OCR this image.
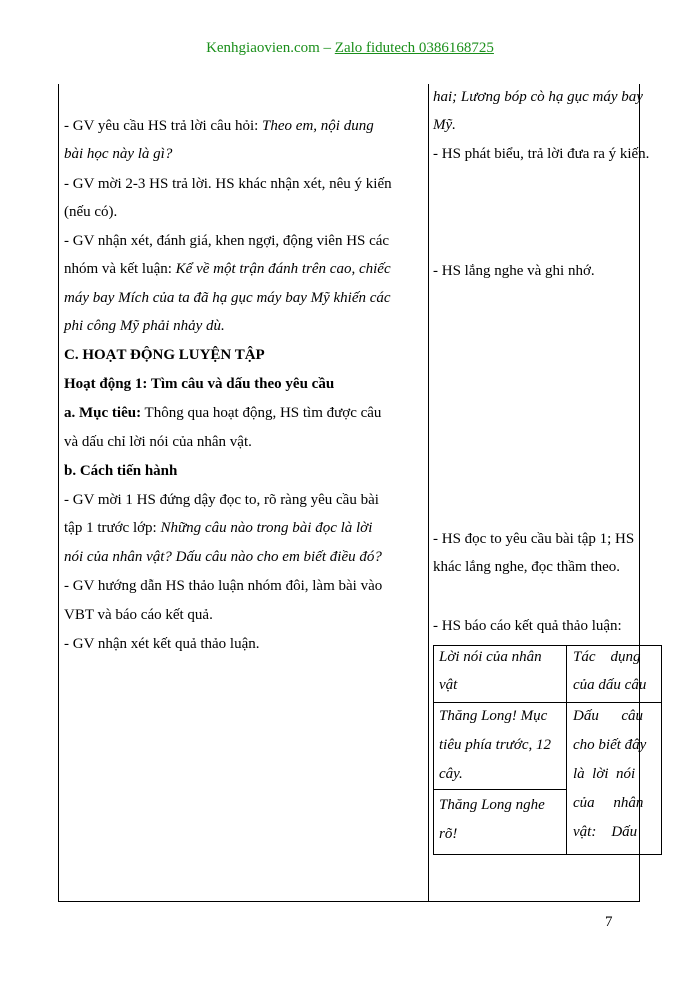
Kenhgiaovien.com – Zalo fidutech 0386168725
- GV yêu cầu HS trả lời câu hỏi: Theo em, nội dung
bài học này là gì?
- GV mời 2-3 HS trả lời. HS khác nhận xét, nêu ý kiến
(nếu có).
- GV nhận xét, đánh giá, khen ngợi, động viên HS các
nhóm và kết luận: Kể về một trận đánh trên cao, chiếc
máy bay Mích của ta đã hạ gục máy bay Mỹ khiến các
phi công Mỹ phải nhảy dù.
C. HOẠT ĐỘNG LUYỆN TẬP
Hoạt động 1: Tìm câu và dấu theo yêu cầu
a. Mục tiêu: Thông qua hoạt động, HS tìm được câu
và dấu chỉ lời nói của nhân vật.
b. Cách tiến hành
- GV mời 1 HS đứng dậy đọc to, rõ ràng yêu cầu bài
tập 1 trước lớp: Những câu nào trong bài đọc là lời
nói của nhân vật? Dấu câu nào cho em biết điều đó?
- GV hướng dẫn HS thảo luận nhóm đôi, làm bài vào
VBT và báo cáo kết quả.
- GV nhận xét kết quả thảo luận.
hai; Lương bóp cò hạ gục máy bay
Mỹ.
- HS phát biểu, trả lời đưa ra ý kiến.
- HS lắng nghe và ghi nhớ.
- HS đọc to yêu cầu bài tập 1; HS
khác lắng nghe, đọc thầm theo.
- HS báo cáo kết quả thảo luận:
Lời nói của nhân
vật
Tác    dụng
của dấu câu
Thăng Long! Mục
tiêu phía trước, 12
cây.
Thăng Long nghe
rõ!
Dấu      câu
cho biết đây
là  lời  nói
của     nhân
vật:    Dấu
7
